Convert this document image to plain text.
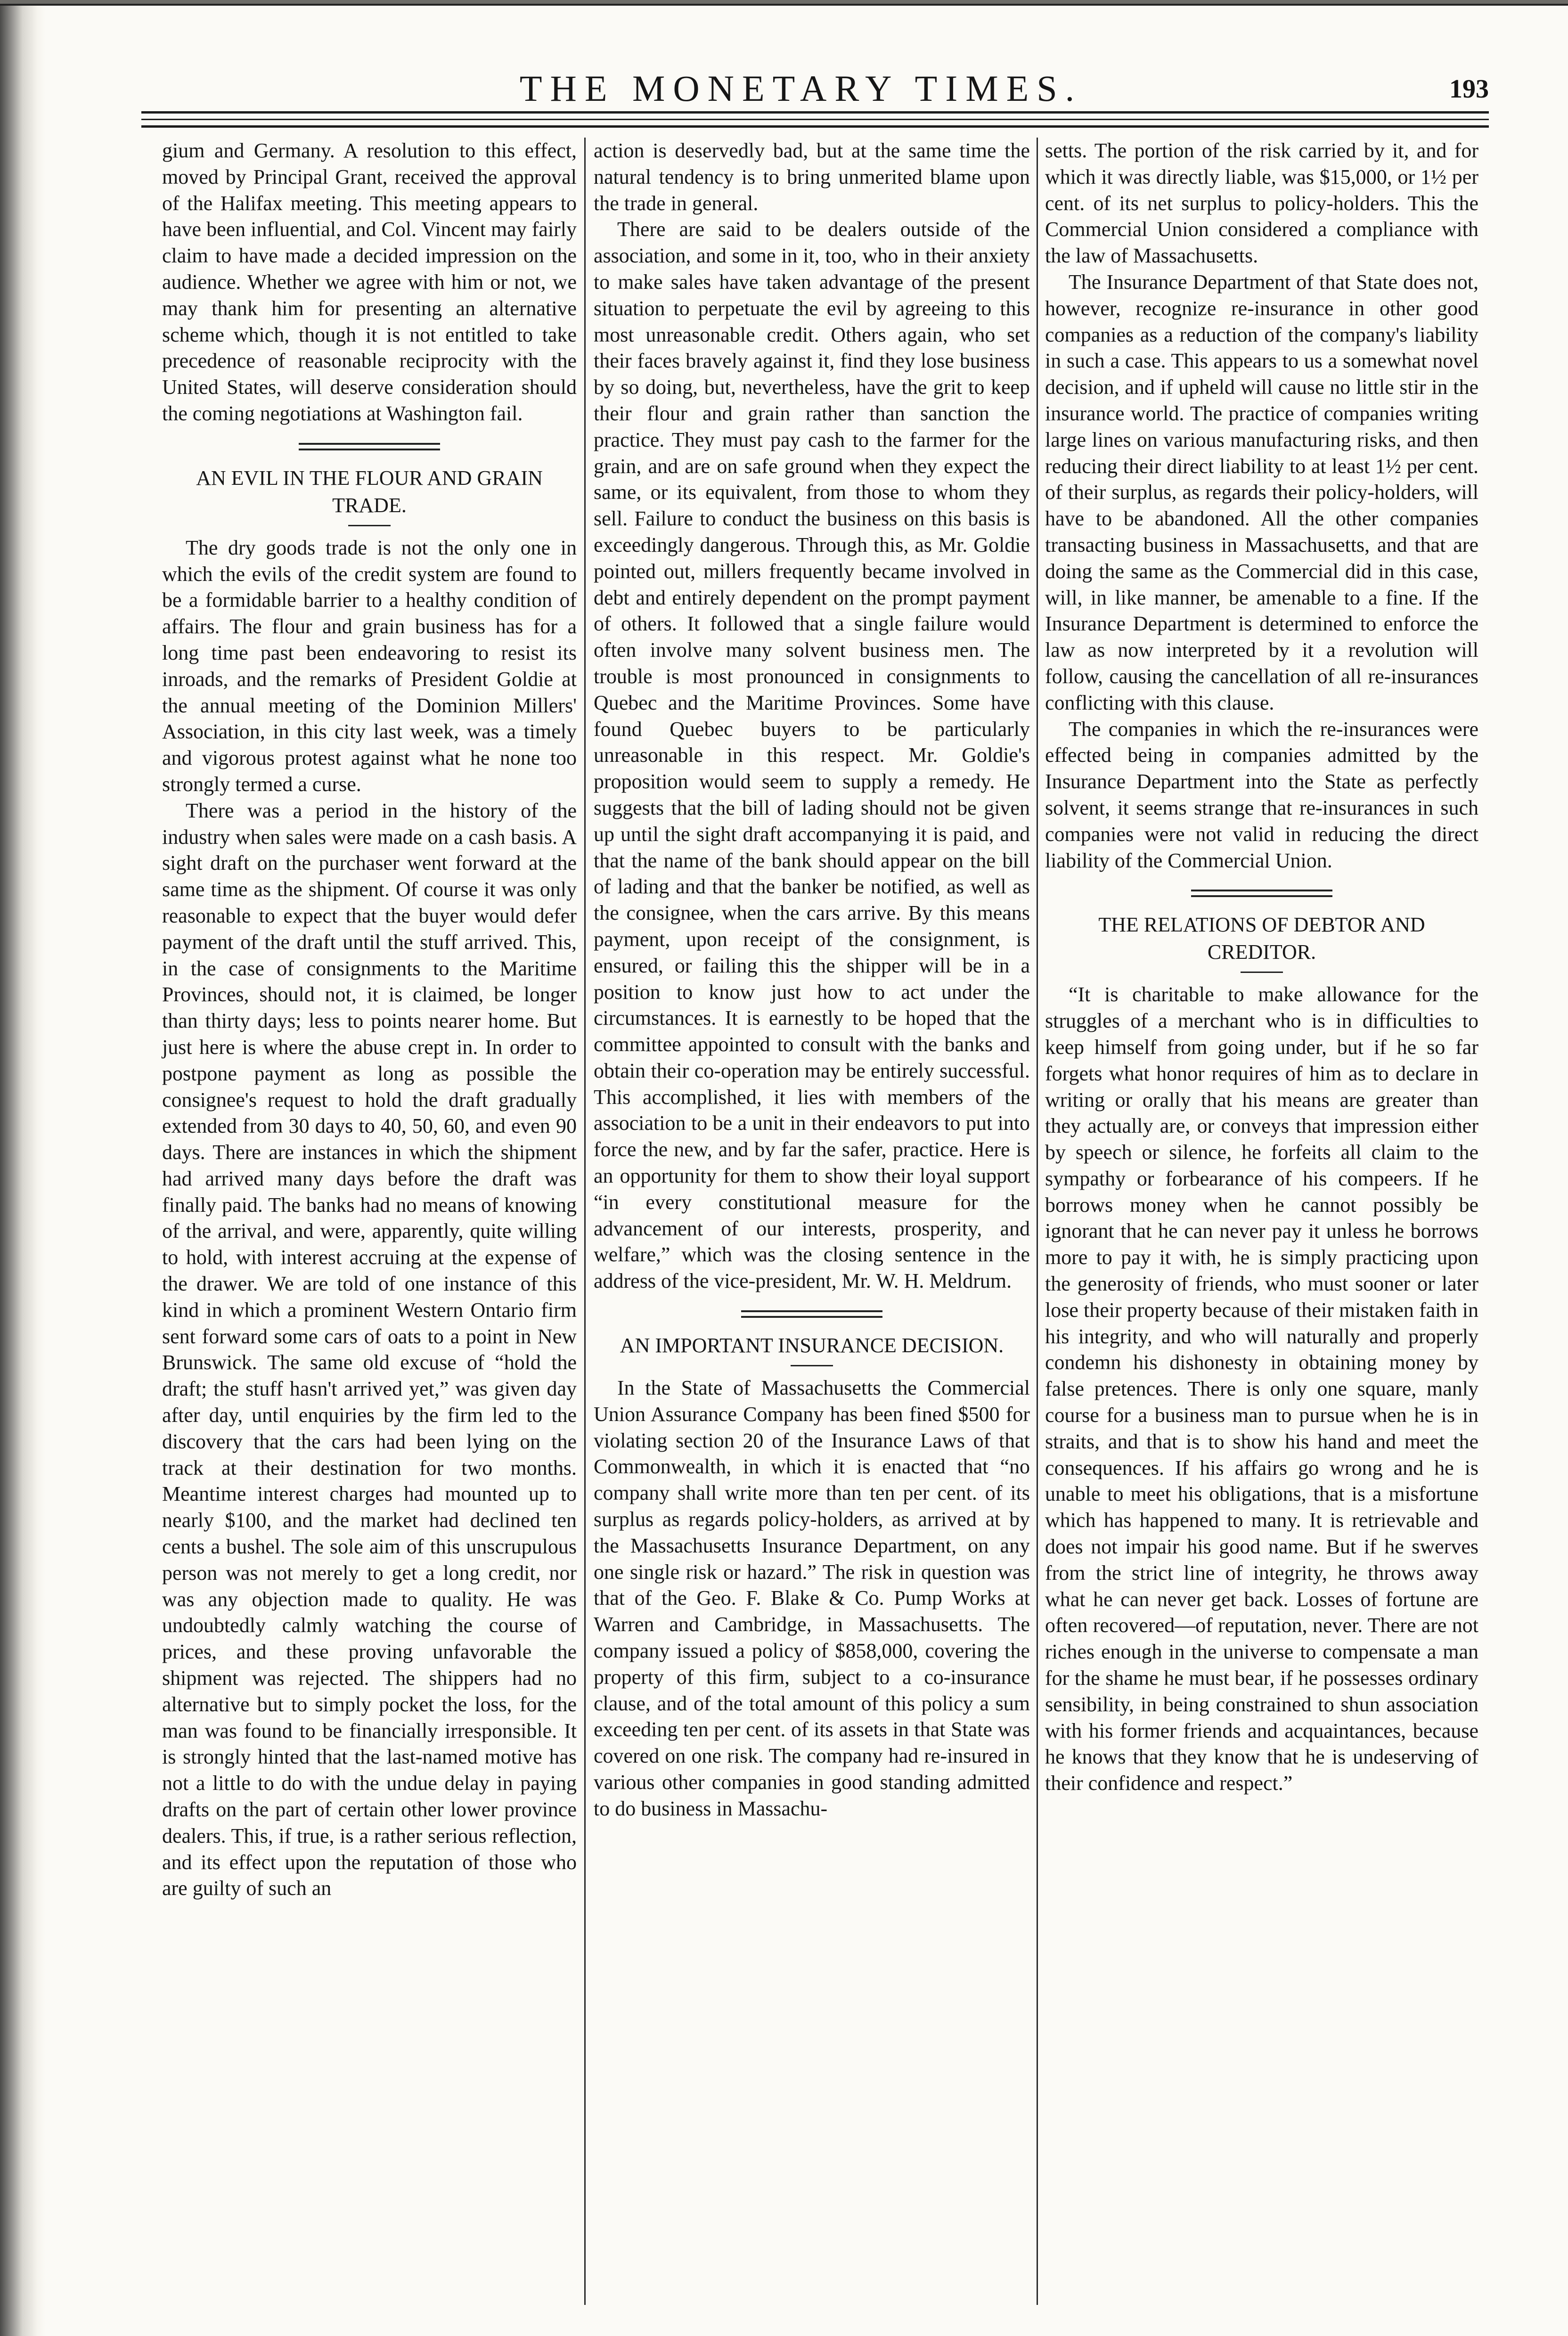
THE MONETARY TIMES.	193

gium and Germany. A resolution to this effect, moved by Principal Grant, received the approval of the Halifax meeting. This meeting appears to have been influential, and Col. Vincent may fairly claim to have made a decided impression on the audience. Whether we agree with him or not, we may thank him for presenting an alternative scheme which, though it is not entitled to take precedence of reasonable reciprocity with the United States, will deserve consideration should the coming negotiations at Washington fail.

AN EVIL IN THE FLOUR AND GRAIN TRADE.

The dry goods trade is not the only one in which the evils of the credit system are found to be a formidable barrier to a healthy condition of affairs. The flour and grain business has for a long time past been endeavoring to resist its inroads, and the remarks of President Goldie at the annual meeting of the Dominion Millers' Association, in this city last week, was a timely and vigorous protest against what he none too strongly termed a curse.

There was a period in the history of the industry when sales were made on a cash basis. A sight draft on the purchaser went forward at the same time as the shipment. Of course it was only reasonable to expect that the buyer would defer payment of the draft until the stuff arrived. This, in the case of consignments to the Maritime Provinces, should not, it is claimed, be longer than thirty days; less to points nearer home. But just here is where the abuse crept in. In order to postpone payment as long as possible the consignee's request to hold the draft gradually extended from 30 days to 40, 50, 60, and even 90 days. There are instances in which the shipment had arrived many days before the draft was finally paid. The banks had no means of knowing of the arrival, and were, apparently, quite willing to hold, with interest accruing at the expense of the drawer. We are told of one instance of this kind in which a prominent Western Ontario firm sent forward some cars of oats to a point in New Brunswick. The same old excuse of “hold the draft; the stuff hasn't arrived yet,” was given day after day, until enquiries by the firm led to the discovery that the cars had been lying on the track at their destination for two months. Meantime interest charges had mounted up to nearly $100, and the market had declined ten cents a bushel. The sole aim of this unscrupulous person was not merely to get a long credit, nor was any objection made to quality. He was undoubtedly calmly watching the course of prices, and these proving unfavorable the shipment was rejected. The shippers had no alternative but to simply pocket the loss, for the man was found to be financially irresponsible. It is strongly hinted that the last-named motive has not a little to do with the undue delay in paying drafts on the part of certain other lower province dealers. This, if true, is a rather serious reflection, and its effect upon the reputation of those who are guilty of such an

action is deservedly bad, but at the same time the natural tendency is to bring unmerited blame upon the trade in general.

There are said to be dealers outside of the association, and some in it, too, who in their anxiety to make sales have taken advantage of the present situation to perpetuate the evil by agreeing to this most unreasonable credit. Others again, who set their faces bravely against it, find they lose business by so doing, but, nevertheless, have the grit to keep their flour and grain rather than sanction the practice. They must pay cash to the farmer for the grain, and are on safe ground when they expect the same, or its equivalent, from those to whom they sell. Failure to conduct the business on this basis is exceedingly dangerous. Through this, as Mr. Goldie pointed out, millers frequently became involved in debt and entirely dependent on the prompt payment of others. It followed that a single failure would often involve many solvent business men. The trouble is most pronounced in consignments to Quebec and the Maritime Provinces. Some have found Quebec buyers to be particularly unreasonable in this respect. Mr. Goldie's proposition would seem to supply a remedy. He suggests that the bill of lading should not be given up until the sight draft accompanying it is paid, and that the name of the bank should appear on the bill of lading and that the banker be notified, as well as the consignee, when the cars arrive. By this means payment, upon receipt of the consignment, is ensured, or failing this the shipper will be in a position to know just how to act under the circumstances. It is earnestly to be hoped that the committee appointed to consult with the banks and obtain their co-operation may be entirely successful. This accomplished, it lies with members of the association to be a unit in their endeavors to put into force the new, and by far the safer, practice. Here is an opportunity for them to show their loyal support “in every constitutional measure for the advancement of our interests, prosperity, and welfare,” which was the closing sentence in the address of the vice-president, Mr. W. H. Meldrum.

AN IMPORTANT INSURANCE DECISION.

In the State of Massachusetts the Commercial Union Assurance Company has been fined $500 for violating section 20 of the Insurance Laws of that Commonwealth, in which it is enacted that “no company shall write more than ten per cent. of its surplus as regards policy-holders, as arrived at by the Massachusetts Insurance Department, on any one single risk or hazard.” The risk in question was that of the Geo. F. Blake & Co. Pump Works at Warren and Cambridge, in Massachusetts. The company issued a policy of $858,000, covering the property of this firm, subject to a co-insurance clause, and of the total amount of this policy a sum exceeding ten per cent. of its assets in that State was covered on one risk. The company had re-insured in various other companies in good standing admitted to do business in Massachu-

setts. The portion of the risk carried by it, and for which it was directly liable, was $15,000, or 1½ per cent. of its net surplus to policy-holders. This the Commercial Union considered a compliance with the law of Massachusetts.

The Insurance Department of that State does not, however, recognize re-insurance in other good companies as a reduction of the company's liability in such a case. This appears to us a somewhat novel decision, and if upheld will cause no little stir in the insurance world. The practice of companies writing large lines on various manufacturing risks, and then reducing their direct liability to at least 1½ per cent. of their surplus, as regards their policy-holders, will have to be abandoned. All the other companies transacting business in Massachusetts, and that are doing the same as the Commercial did in this case, will, in like manner, be amenable to a fine. If the Insurance Department is determined to enforce the law as now interpreted by it a revolution will follow, causing the cancellation of all re-insurances conflicting with this clause.

The companies in which the re-insurances were effected being in companies admitted by the Insurance Department into the State as perfectly solvent, it seems strange that re-insurances in such companies were not valid in reducing the direct liability of the Commercial Union.

THE RELATIONS OF DEBTOR AND CREDITOR.

“It is charitable to make allowance for the struggles of a merchant who is in difficulties to keep himself from going under, but if he so far forgets what honor requires of him as to declare in writing or orally that his means are greater than they actually are, or conveys that impression either by speech or silence, he forfeits all claim to the sympathy or forbearance of his compeers. If he borrows money when he cannot possibly be ignorant that he can never pay it unless he borrows more to pay it with, he is simply practicing upon the generosity of friends, who must sooner or later lose their property because of their mistaken faith in his integrity, and who will naturally and properly condemn his dishonesty in obtaining money by false pretences. There is only one square, manly course for a business man to pursue when he is in straits, and that is to show his hand and meet the consequences. If his affairs go wrong and he is unable to meet his obligations, that is a misfortune which has happened to many. It is retrievable and does not impair his good name. But if he swerves from the strict line of integrity, he throws away what he can never get back. Losses of fortune are often recovered—of reputation, never. There are not riches enough in the universe to compensate a man for the shame he must bear, if he possesses ordinary sensibility, in being constrained to shun association with his former friends and acquaintances, because he knows that they know that he is undeserving of their confidence and respect.”
